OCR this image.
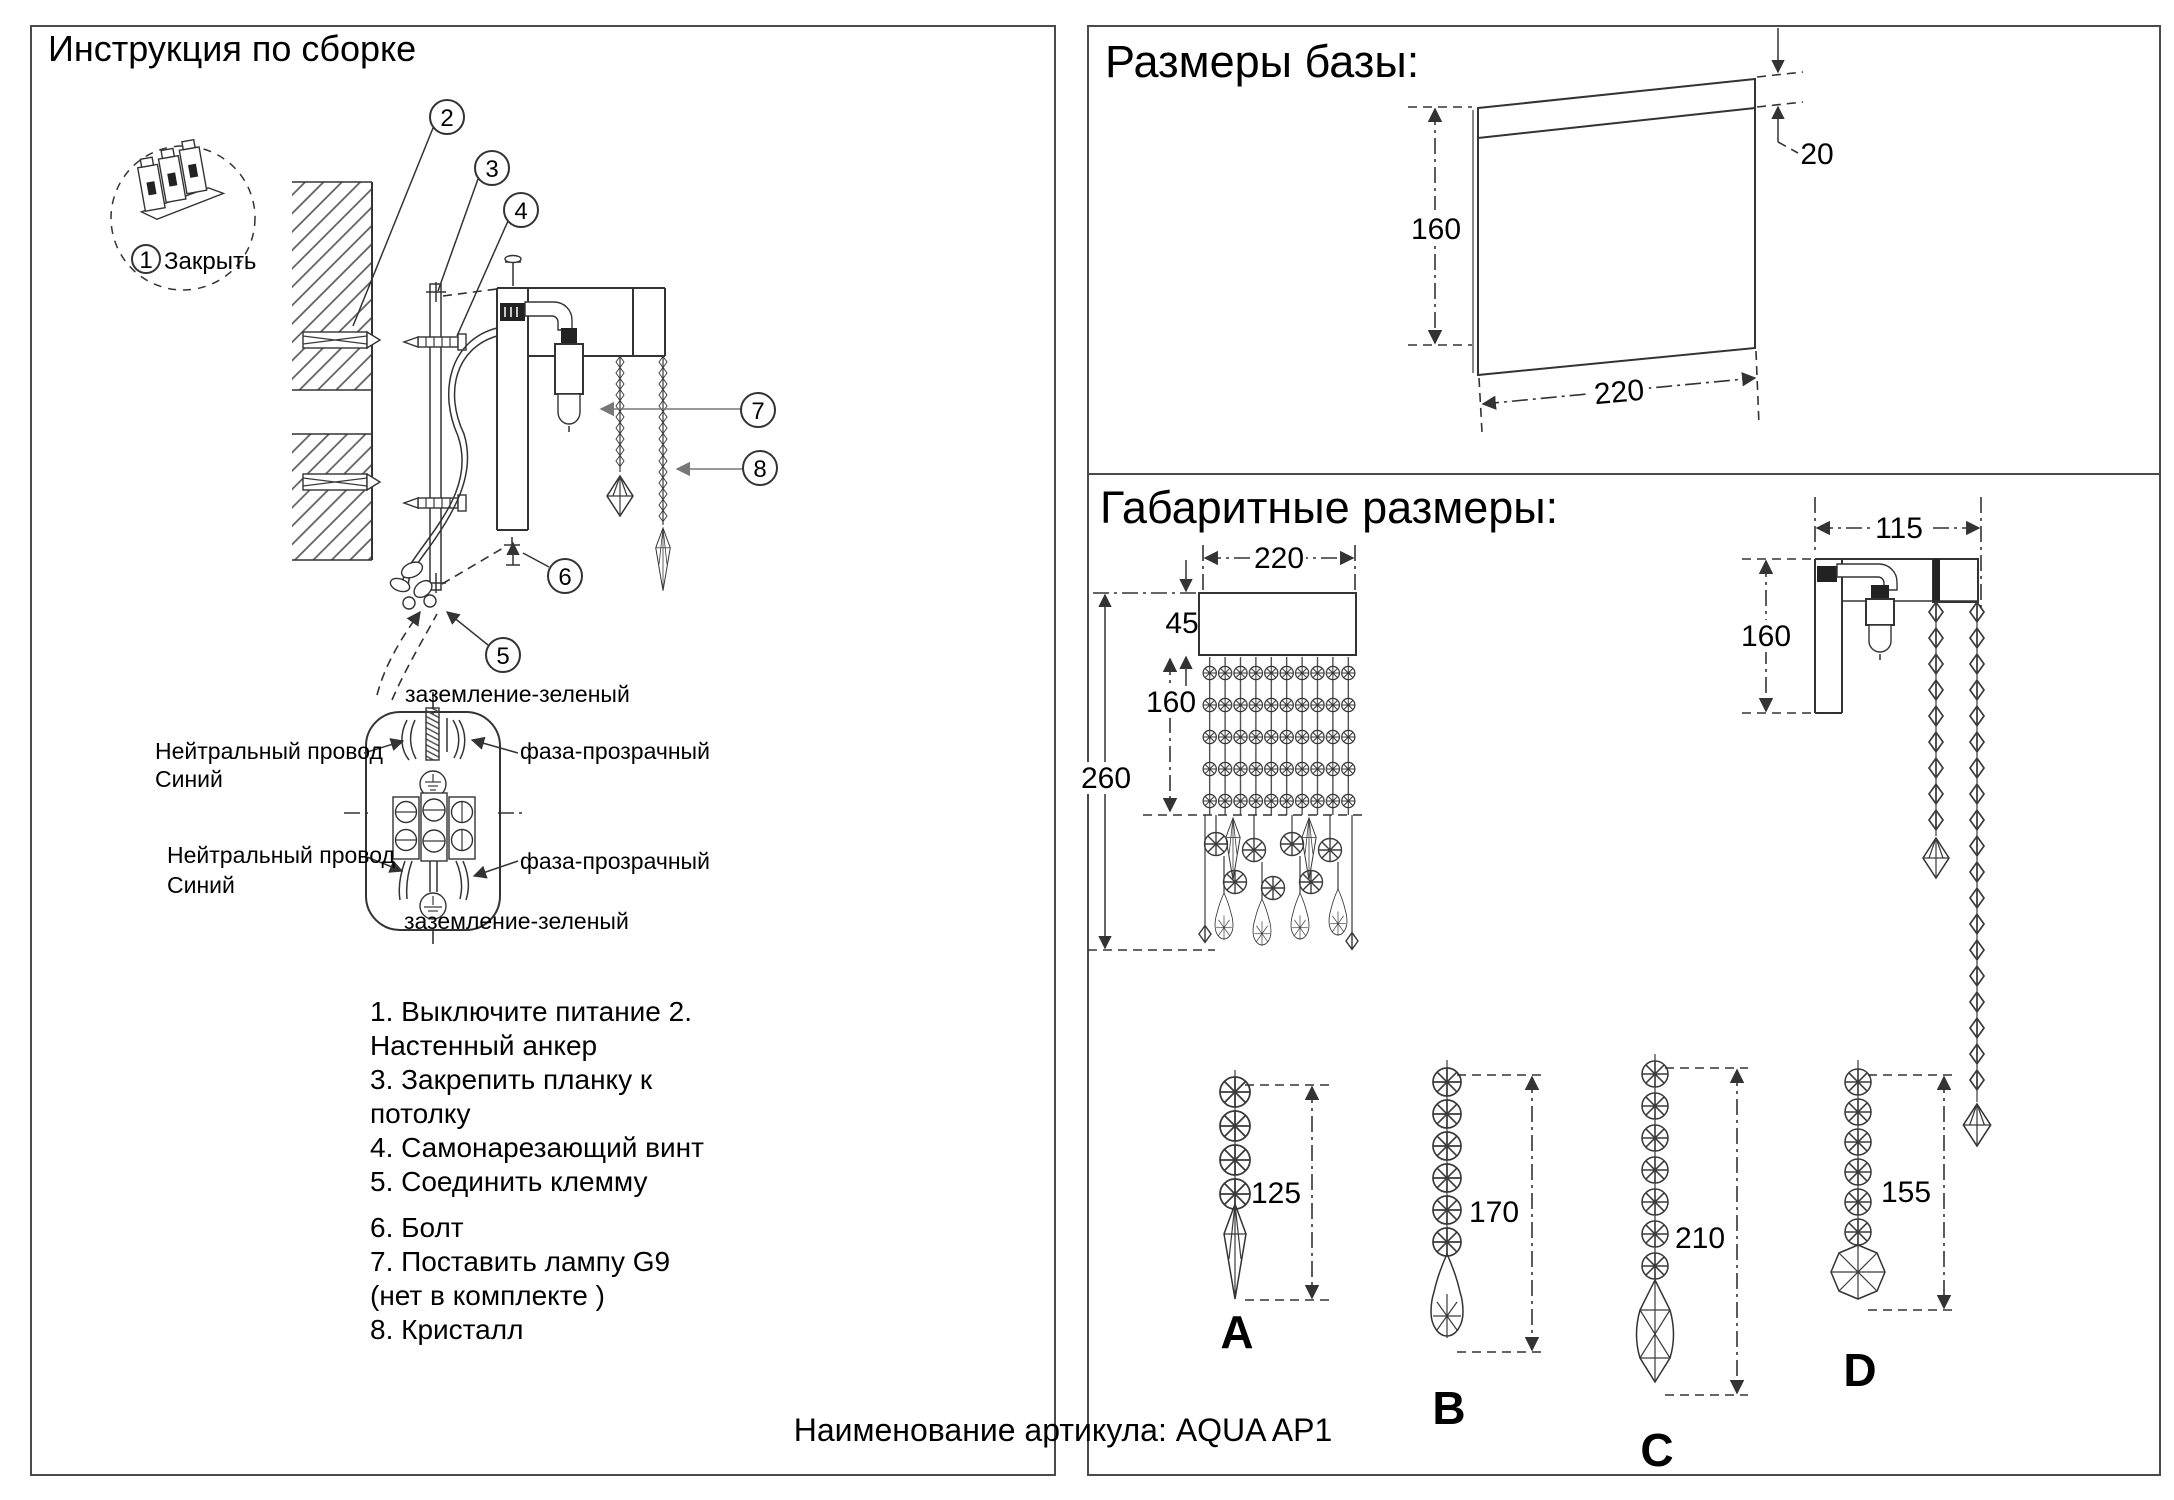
Инструкция по сборке	Размеры базы:
Габаритные размеры:
1 Закрыть
2
3
4
5
6
7
8
160
220
20
220
45
160
260
115
160
125
A
170
B
210
C
155
D
заземление-зеленый
Нейтральный провод
Синий
фаза-прозрачный
Нейтральный провод
Синий
фаза-прозрачный
заземление-зеленый
1. Выключите питание 2.
Настенный анкер
3. Закрепить планку к
потолку
4. Самонарезающий винт
5. Соединить клемму
6. Болт
7. Поставить лампу G9
(нет в комплекте )
8. Кристалл
Наименование артикула: AQUA AP1
